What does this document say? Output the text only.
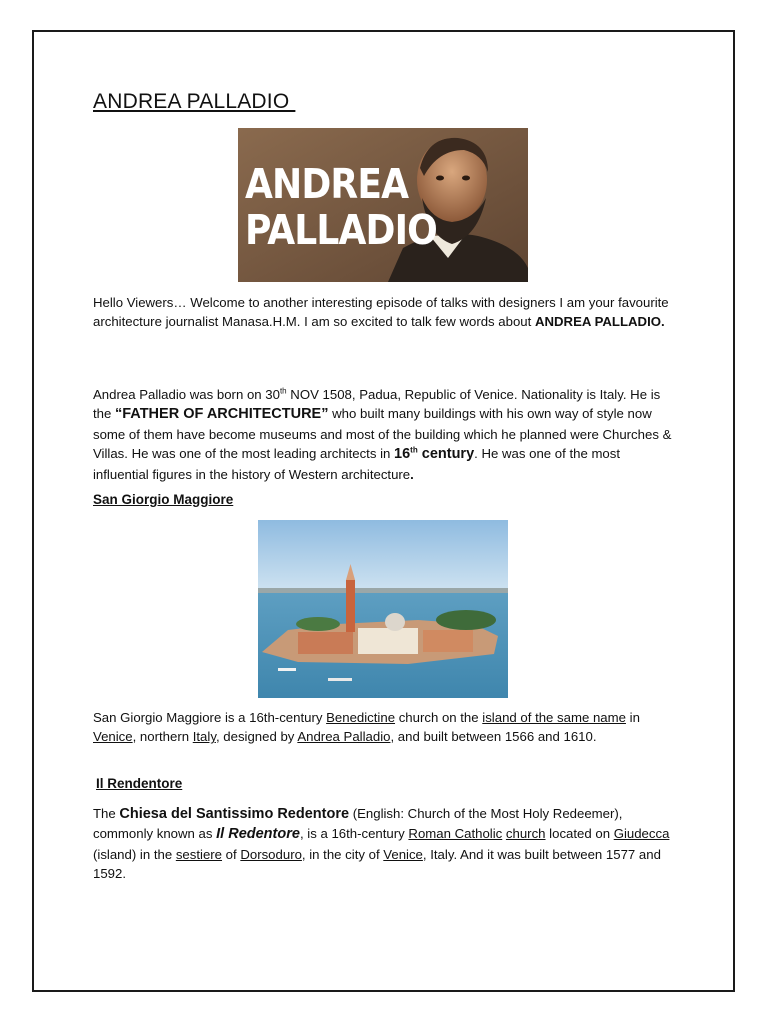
ANDREA PALLADIO
ANDREA
PALLADIO

Hello Viewers… Welcome to another interesting episode of talks with designers I am your favourite architecture journalist Manasa.H.M. I am so excited to talk few words about ANDREA PALLADIO.

Andrea Palladio was born on 30th NOV 1508, Padua, Republic of Venice. Nationality is Italy. He is the “FATHER OF ARCHITECTURE” who built many buildings with his own way of style now some of them have become museums and most of the building which he planned were Churches & Villas. He was one of the most leading architects in 16th century. He was one of the most influential figures in the history of Western architecture.

San Giorgio Maggiore

San Giorgio Maggiore is a 16th-century Benedictine church on the island of the same name in Venice, northern Italy, designed by Andrea Palladio, and built between 1566 and 1610.

Il Rendentore

The Chiesa del Santissimo Redentore (English: Church of the Most Holy Redeemer), commonly known as Il Redentore, is a 16th-century Roman Catholic church located on Giudecca (island) in the sestiere of Dorsoduro, in the city of Venice, Italy. And it was built between 1577 and 1592.
